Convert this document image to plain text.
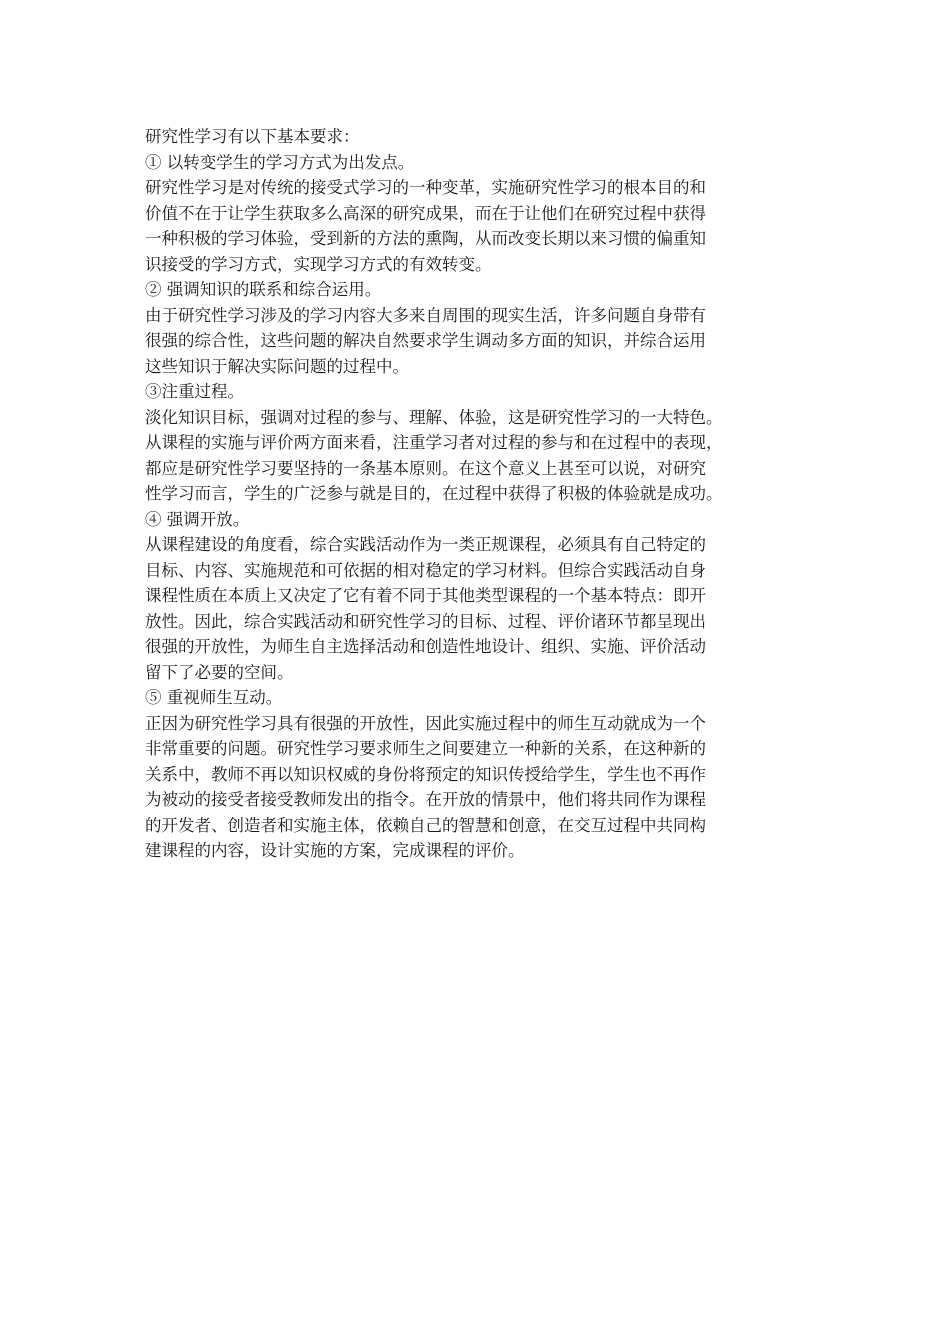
研究性学习有以下基本要求：
① 以转变学生的学习方式为出发点。
研究性学习是对传统的接受式学习的一种变革，实施研究性学习的根本目的和
价值不在于让学生获取多么高深的研究成果，而在于让他们在研究过程中获得
一种积极的学习体验，受到新的方法的熏陶，从而改变长期以来习惯的偏重知
识接受的学习方式，实现学习方式的有效转变。
② 强调知识的联系和综合运用。
由于研究性学习涉及的学习内容大多来自周围的现实生活，许多问题自身带有
很强的综合性，这些问题的解决自然要求学生调动多方面的知识，并综合运用
这些知识于解决实际问题的过程中。
③注重过程。
淡化知识目标，强调对过程的参与、理解、体验，这是研究性学习的一大特色。
从课程的实施与评价两方面来看，注重学习者对过程的参与和在过程中的表现，
都应是研究性学习要坚持的一条基本原则。在这个意义上甚至可以说，对研究
性学习而言，学生的广泛参与就是目的，在过程中获得了积极的体验就是成功。
④ 强调开放。
从课程建设的角度看，综合实践活动作为一类正规课程，必须具有自己特定的
目标、内容、实施规范和可依据的相对稳定的学习材料。但综合实践活动自身
课程性质在本质上又决定了它有着不同于其他类型课程的一个基本特点：即开
放性。因此，综合实践活动和研究性学习的目标、过程、评价诸环节都呈现出
很强的开放性，为师生自主选择活动和创造性地设计、组织、实施、评价活动
留下了必要的空间。
⑤ 重视师生互动。
正因为研究性学习具有很强的开放性，因此实施过程中的师生互动就成为一个
非常重要的问题。研究性学习要求师生之间要建立一种新的关系，在这种新的
关系中，教师不再以知识权威的身份将预定的知识传授给学生，学生也不再作
为被动的接受者接受教师发出的指令。在开放的情景中，他们将共同作为课程
的开发者、创造者和实施主体，依赖自己的智慧和创意，在交互过程中共同构
建课程的内容，设计实施的方案，完成课程的评价。
